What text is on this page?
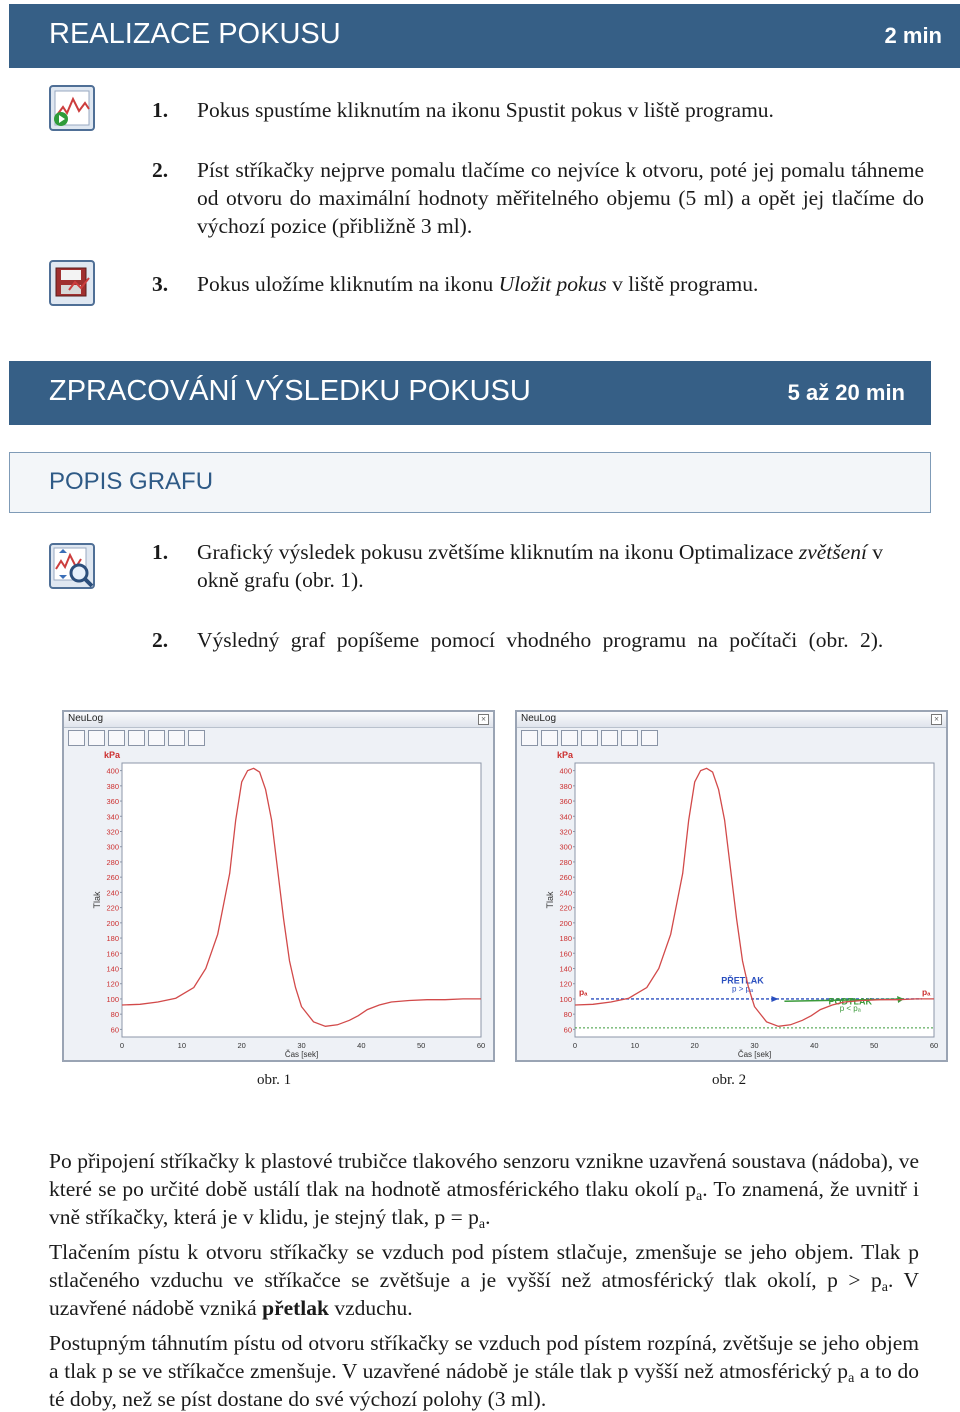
REALIZACE POKUSU	2 min
1. Pokus spustíme kliknutím na ikonu Spustit pokus v liště programu.
2. Píst stříkačky nejprve pomalu tlačíme co nejvíce k otvoru, poté jej pomalu táhneme od otvoru do maximální hodnoty měřitelného objemu (5 ml) a opět jej tlačíme do výchozí pozice (přibližně 3 ml).
3. Pokus uložíme kliknutím na ikonu Uložit pokus v liště programu.
ZPRACOVÁNÍ VÝSLEDKU POKUSU	5 až 20 min
POPIS GRAFU
1. Grafický výsledek pokusu zvětšíme kliknutím na ikonu Optimalizace zvětšení v okně grafu (obr. 1).
2. Výsledný graf popíšeme pomocí vhodného programu na počítači (obr. 2).
NeuLog	×
kPa
60
80
100
120
140
160
180
200
220
240
260
280
300
320
340
360
380
400
0	10	20	30	40	50	60
Čas [sek]
Tlak
NeuLog	×
kPa
60
80
100
120
140
160
180
200
220
240
260
280
300
320
340
360
380
400
0	10	20	30	40	50	60
Čas [sek]
Tlak
pₐ	pₐ
PŘETLAK
p > pₐ
PODTLAK
p < pₐ
obr. 1	obr. 2

Po připojení stříkačky k plastové trubičce tlakového senzoru vznikne uzavřená soustava (nádoba), ve které se po určité době ustálí tlak na hodnotě atmosférického tlaku okolí $p_a$. To znamená, že uvnitř i vně stříkačky, která je v klidu, je stejný tlak, $p = p_a$.

Tlačením pístu k otvoru stříkačky se vzduch pod pístem stlačuje, zmenšuje se jeho objem. Tlak p stlačeného vzduchu ve stříkačce se zvětšuje a je vyšší než atmosférický tlak okolí, $p > p_a$. V uzavřené nádobě vzniká přetlak vzduchu.

Postupným táhnutím pístu od otvoru stříkačky se vzduch pod pístem rozpíná, zvětšuje se jeho objem a tlak p se ve stříkačce zmenšuje. V uzavřené nádobě je stále tlak p vyšší než atmosférický $p_a$ a to do té doby, než se píst dostane do své výchozí polohy (3 ml).
